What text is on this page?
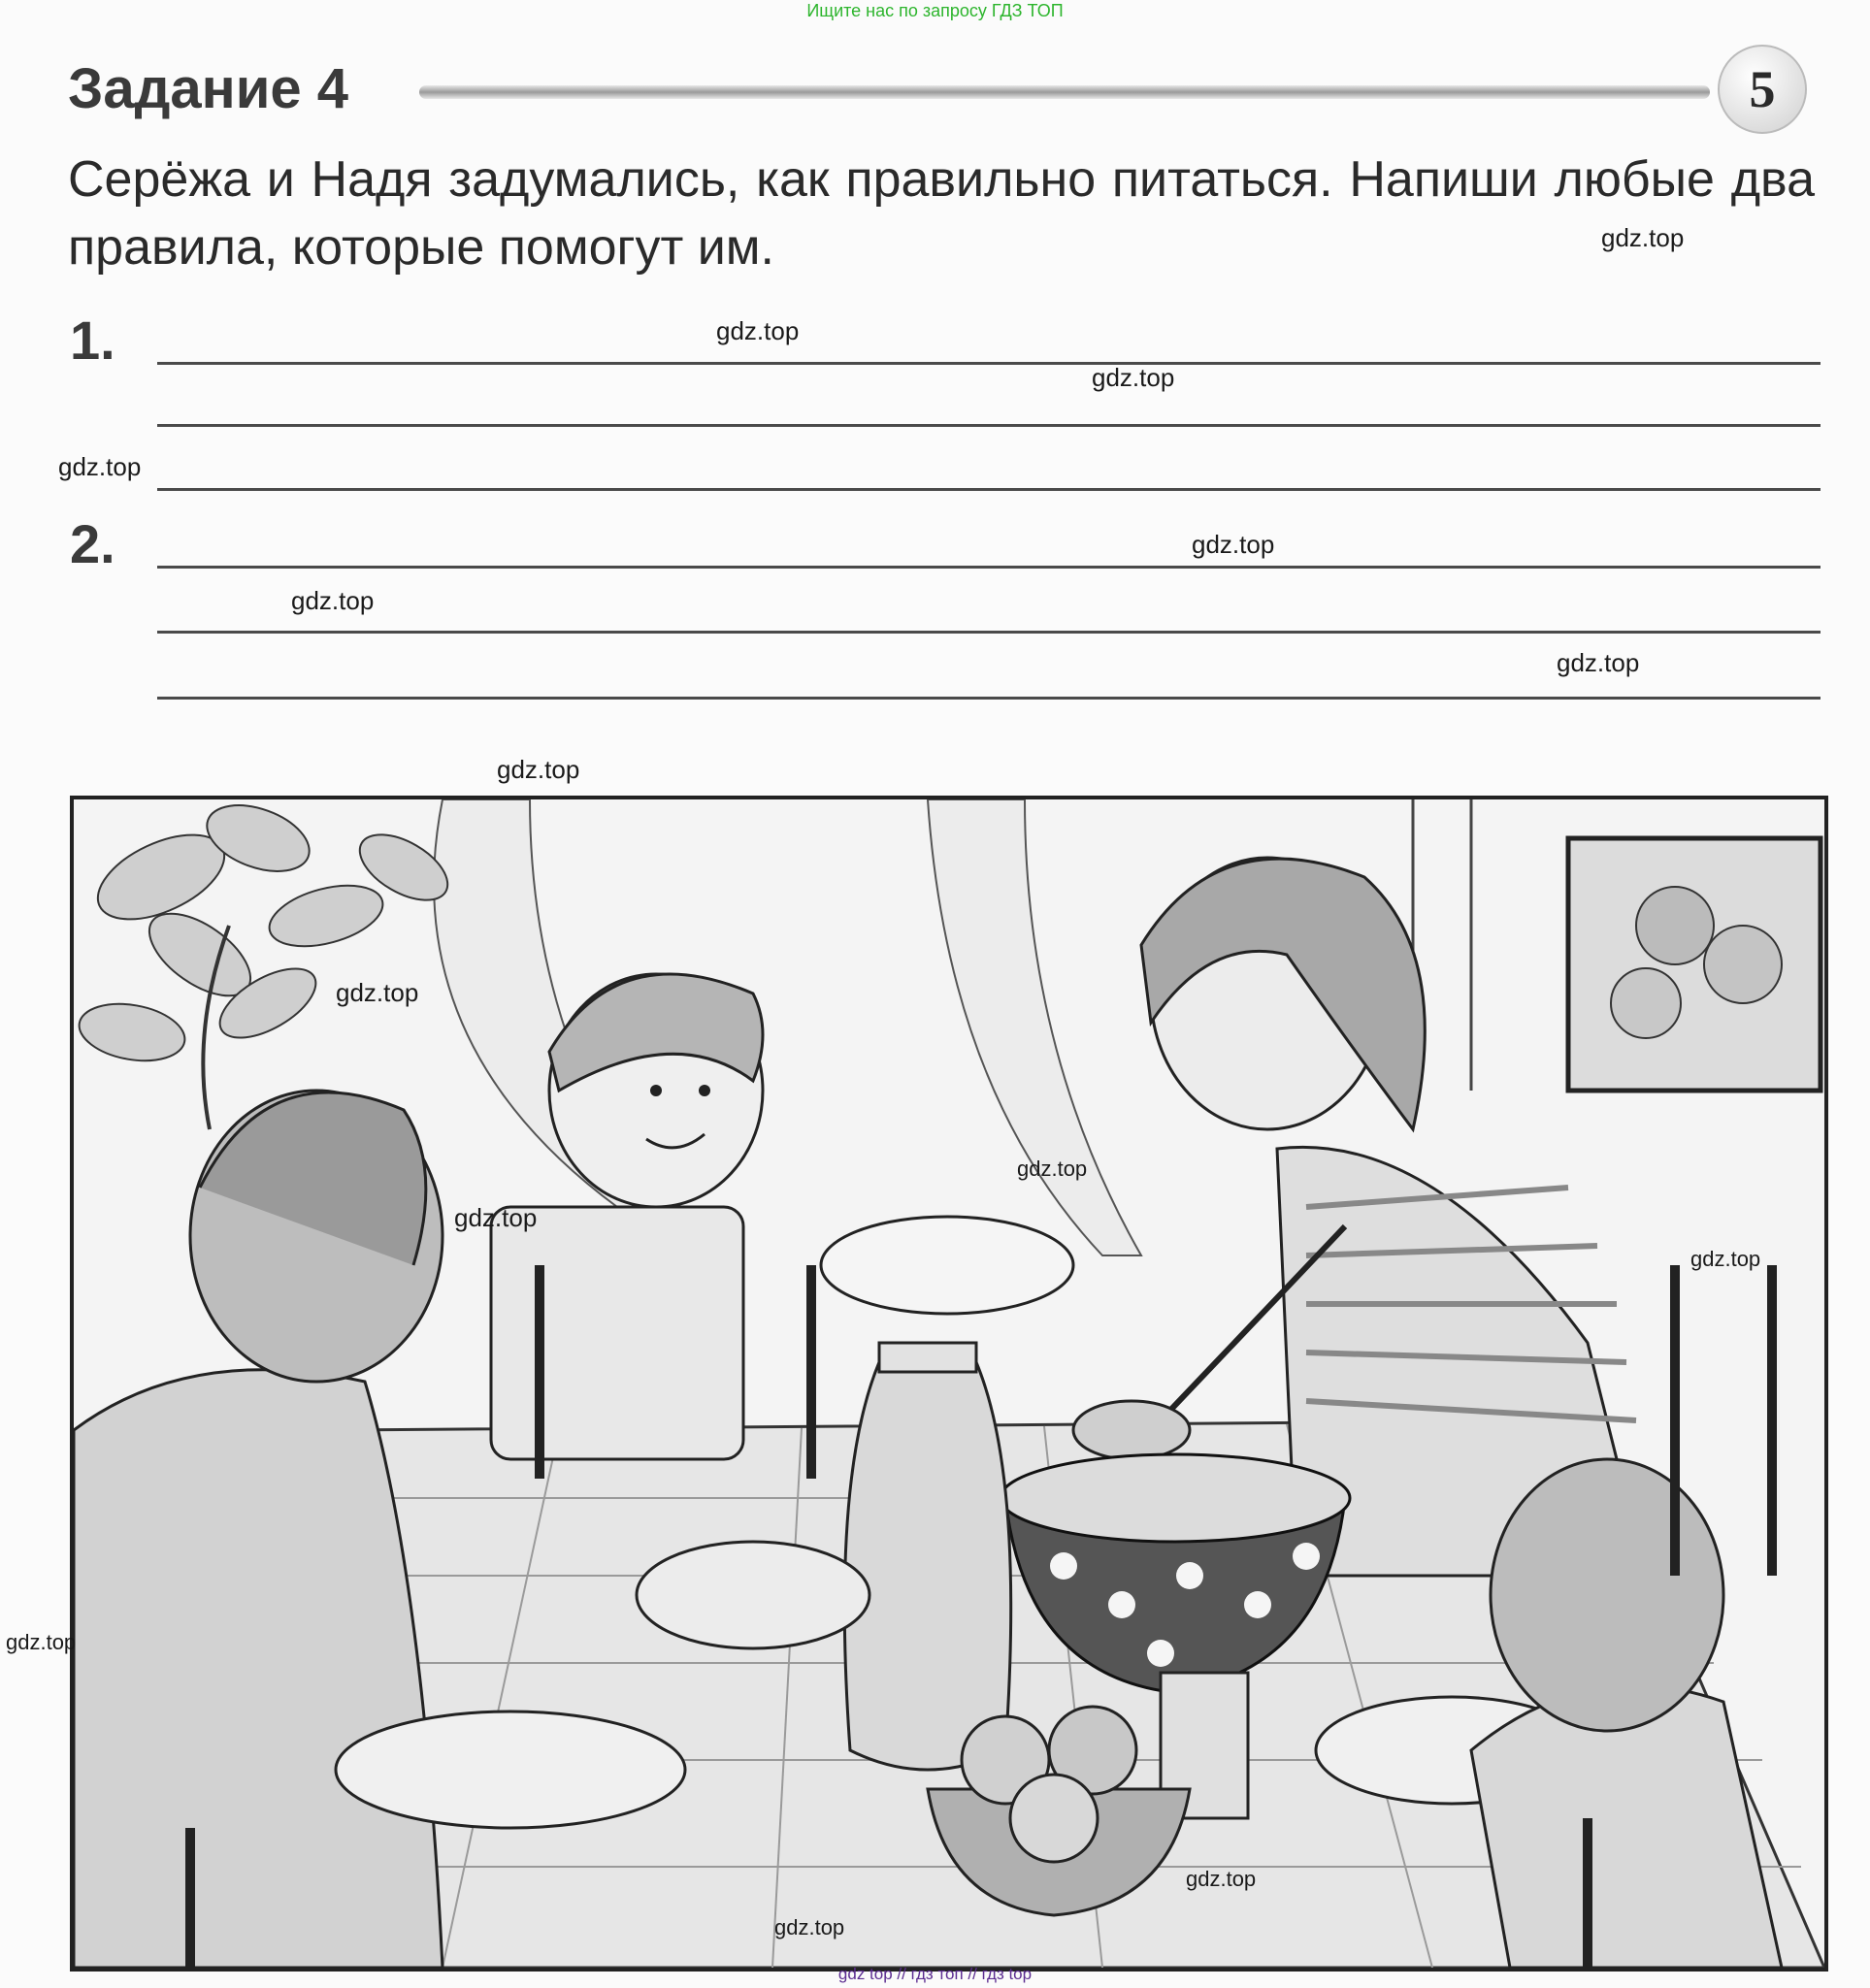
Ищите нас по запросу ГДЗ ТОП
Задание 4	5
Серёжа и Надя задумались, как правильно питаться. Напиши любые два правила, которые помогут им.
1.
2.
gdz.top
gdz.top
gdz.top
gdz.top
gdz.top
gdz.top
gdz.top
gdz.top
gdz.top
gdz.top
gdz.top
gdz.top
gdz.top
gdz.top
gdz.top
gdz top // гдз топ // гдз top
